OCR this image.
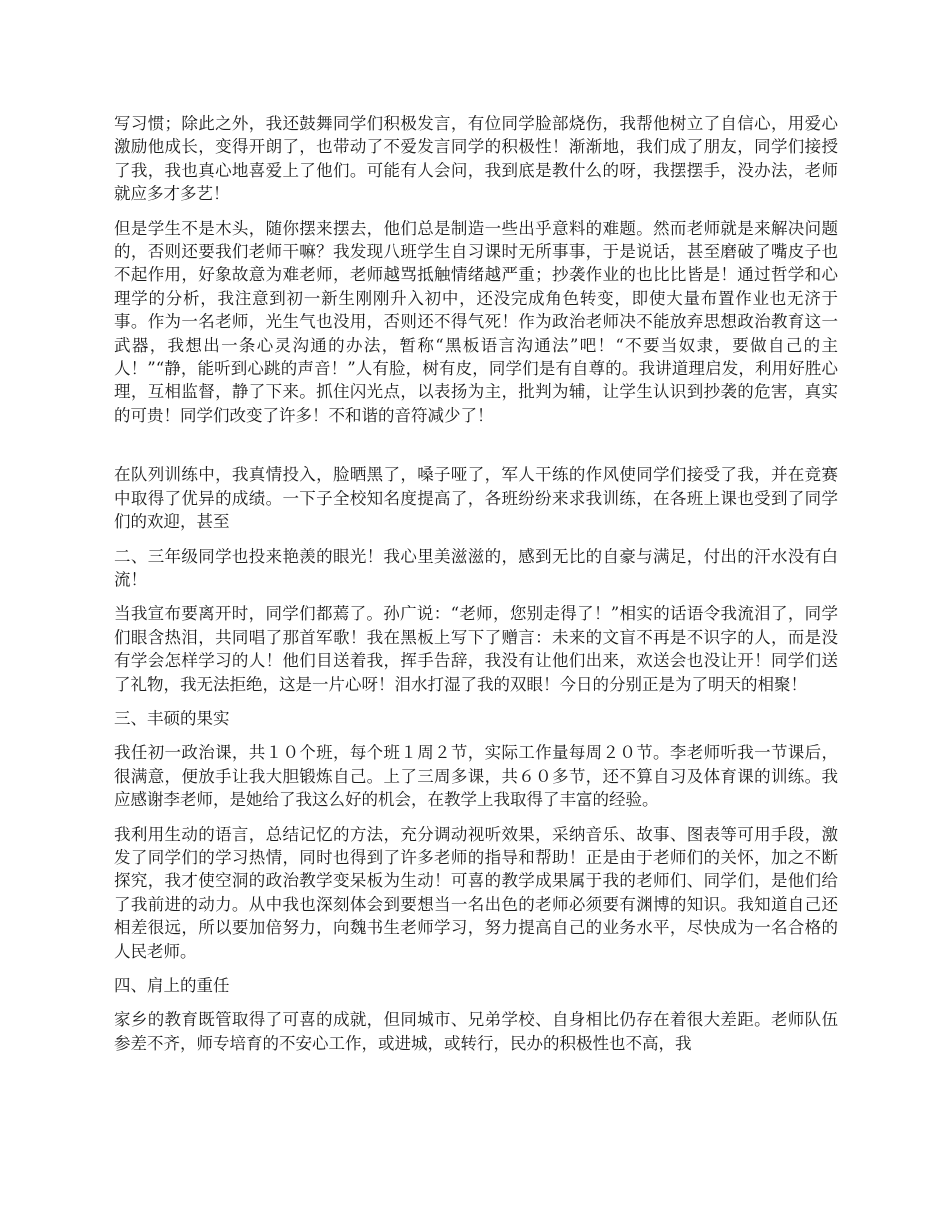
写习惯；除此之外，我还鼓舞同学们积极发言，有位同学脸部烧伤，我帮他树立了自信心，用爱心激励他成长，变得开朗了，也带动了不爱发言同学的积极性！渐渐地，我们成了朋友，同学们接授了我，我也真心地喜爱上了他们。可能有人会问，我到底是教什么的呀，我摆摆手，没办法，老师就应多才多艺！

但是学生不是木头，随你摆来摆去，他们总是制造一些出乎意料的难题。然而老师就是来解决问题的，否则还要我们老师干嘛？我发现八班学生自习课时无所事事，于是说话，甚至磨破了嘴皮子也不起作用，好象故意为难老师，老师越骂抵触情绪越严重；抄袭作业的也比比皆是！通过哲学和心理学的分析，我注意到初一新生刚刚升入初中，还没完成角色转变，即使大量布置作业也无济于事。作为一名老师，光生气也没用，否则还不得气死！作为政治老师决不能放弃思想政治教育这一武器，我想出一条心灵沟通的办法，暂称“黑板语言沟通法”吧！“不要当奴隶，要做自己的主人！”“静，能听到心跳的声音！”人有脸，树有皮，同学们是有自尊的。我讲道理启发，利用好胜心理，互相监督，静了下来。抓住闪光点，以表扬为主，批判为辅，让学生认识到抄袭的危害，真实的可贵！同学们改变了许多！不和谐的音符减少了！

在队列训练中，我真情投入，脸晒黑了，嗓子哑了，军人干练的作风使同学们接受了我，并在竞赛中取得了优异的成绩。一下子全校知名度提高了，各班纷纷来求我训练，在各班上课也受到了同学们的欢迎，甚至

二、三年级同学也投来艳羡的眼光！我心里美滋滋的，感到无比的自豪与满足，付出的汗水没有白流！

当我宣布要离开时，同学们都蔫了。孙广说：“老师，您别走得了！”相实的话语令我流泪了，同学们眼含热泪，共同唱了那首军歌！我在黑板上写下了赠言：未来的文盲不再是不识字的人，而是没有学会怎样学习的人！他们目送着我，挥手告辞，我没有让他们出来，欢送会也没让开！同学们送了礼物，我无法拒绝，这是一片心呀！泪水打湿了我的双眼！今日的分别正是为了明天的相聚！

三、丰硕的果实

我任初一政治课，共１０个班，每个班１周２节，实际工作量每周２０节。李老师听我一节课后，很满意，便放手让我大胆锻炼自己。上了三周多课，共６０多节，还不算自习及体育课的训练。我应感谢李老师，是她给了我这么好的机会，在教学上我取得了丰富的经验。

我利用生动的语言，总结记忆的方法，充分调动视听效果，采纳音乐、故事、图表等可用手段，激发了同学们的学习热情，同时也得到了许多老师的指导和帮助！正是由于老师们的关怀，加之不断探究，我才使空洞的政治教学变呆板为生动！可喜的教学成果属于我的老师们、同学们，是他们给了我前进的动力。从中我也深刻体会到要想当一名出色的老师必须要有渊博的知识。我知道自己还相差很远，所以要加倍努力，向魏书生老师学习，努力提高自己的业务水平，尽快成为一名合格的人民老师。

四、肩上的重任

家乡的教育既管取得了可喜的成就，但同城市、兄弟学校、自身相比仍存在着很大差距。老师队伍参差不齐，师专培育的不安心工作，或进城，或转行，民办的积极性也不高，我
